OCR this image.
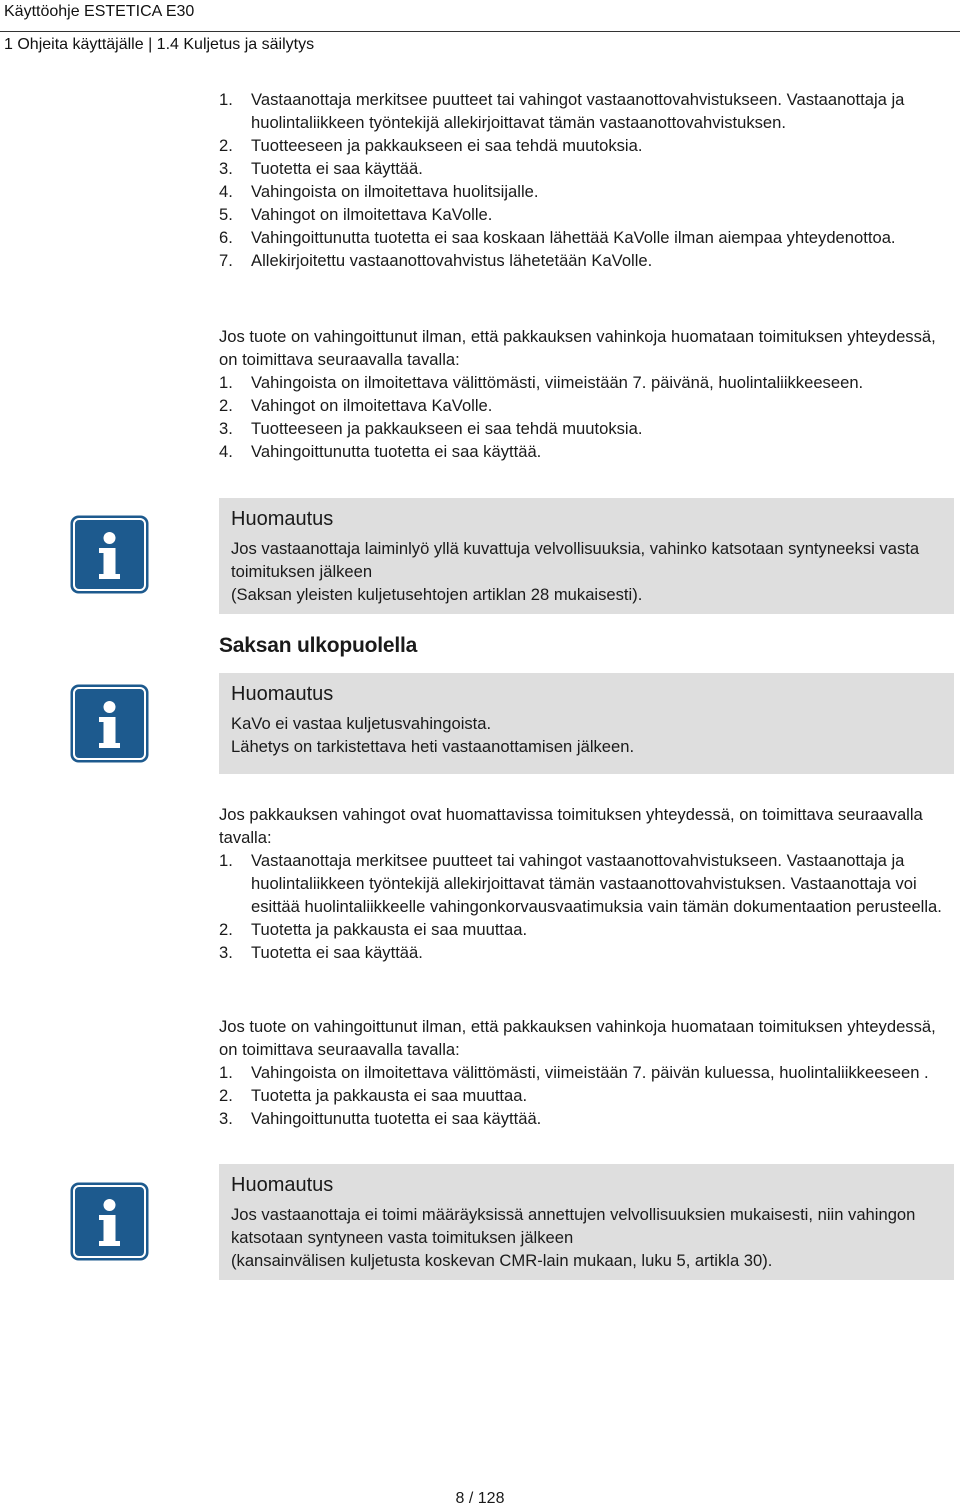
Käyttöohje ESTETICA E30
1 Ohjeita käyttäjälle | 1.4 Kuljetus ja säilytys
1. Vastaanottaja merkitsee puutteet tai vahingot vastaanottovahvistukseen. Vastaanottaja ja huolintaliikkeen työntekijä allekirjoittavat tämän vastaanottovahvistuksen.
2. Tuotteeseen ja pakkaukseen ei saa tehdä muutoksia.
3. Tuotetta ei saa käyttää.
4. Vahingoista on ilmoitettava huolitsijalle.
5. Vahingot on ilmoitettava KaVolle.
6. Vahingoittunutta tuotetta ei saa koskaan lähettää KaVolle ilman aiempaa yhteydenottoa.
7. Allekirjoitettu vastaanottovahvistus lähetetään KaVolle.

Jos tuote on vahingoittunut ilman, että pakkauksen vahinkoja huomataan toimituksen yhteydessä, on toimittava seuraavalla tavalla:

1. Vahingoista on ilmoitettava välittömästi, viimeistään 7. päivänä, huolintaliikkeeseen.
2. Vahingot on ilmoitettava KaVolle.
3. Tuotteeseen ja pakkaukseen ei saa tehdä muutoksia.
4. Vahingoittunutta tuotetta ei saa käyttää.
Huomautus
Jos vastaanottaja laiminlyö yllä kuvattuja velvollisuuksia, vahinko katsotaan syntyneeksi vasta toimituksen jälkeen
(Saksan yleisten kuljetusehtojen artiklan 28 mukaisesti).
Saksan ulkopuolella
Huomautus
KaVo ei vastaa kuljetusvahingoista.
Lähetys on tarkistettava heti vastaanottamisen jälkeen.

Jos pakkauksen vahingot ovat huomattavissa toimituksen yhteydessä, on toimittava seuraavalla tavalla:

1. Vastaanottaja merkitsee puutteet tai vahingot vastaanottovahvistukseen. Vastaanottaja ja huolintaliikkeen työntekijä allekirjoittavat tämän vastaanottovahvistuksen. Vastaanottaja voi esittää huolintaliikkeelle vahingonkorvausvaatimuksia vain tämän dokumentaation perusteella.
2. Tuotetta ja pakkausta ei saa muuttaa.
3. Tuotetta ei saa käyttää.

Jos tuote on vahingoittunut ilman, että pakkauksen vahinkoja huomataan toimituksen yhteydessä, on toimittava seuraavalla tavalla:

1. Vahingoista on ilmoitettava välittömästi, viimeistään 7. päivän kuluessa, huolintaliikkeeseen .
2. Tuotetta ja pakkausta ei saa muuttaa.
3. Vahingoittunutta tuotetta ei saa käyttää.
Huomautus
Jos vastaanottaja ei toimi määräyksissä annettujen velvollisuuksien mukaisesti, niin vahingon katsotaan syntyneen vasta toimituksen jälkeen
(kansainvälisen kuljetusta koskevan CMR-lain mukaan, luku 5, artikla 30).
8 / 128
